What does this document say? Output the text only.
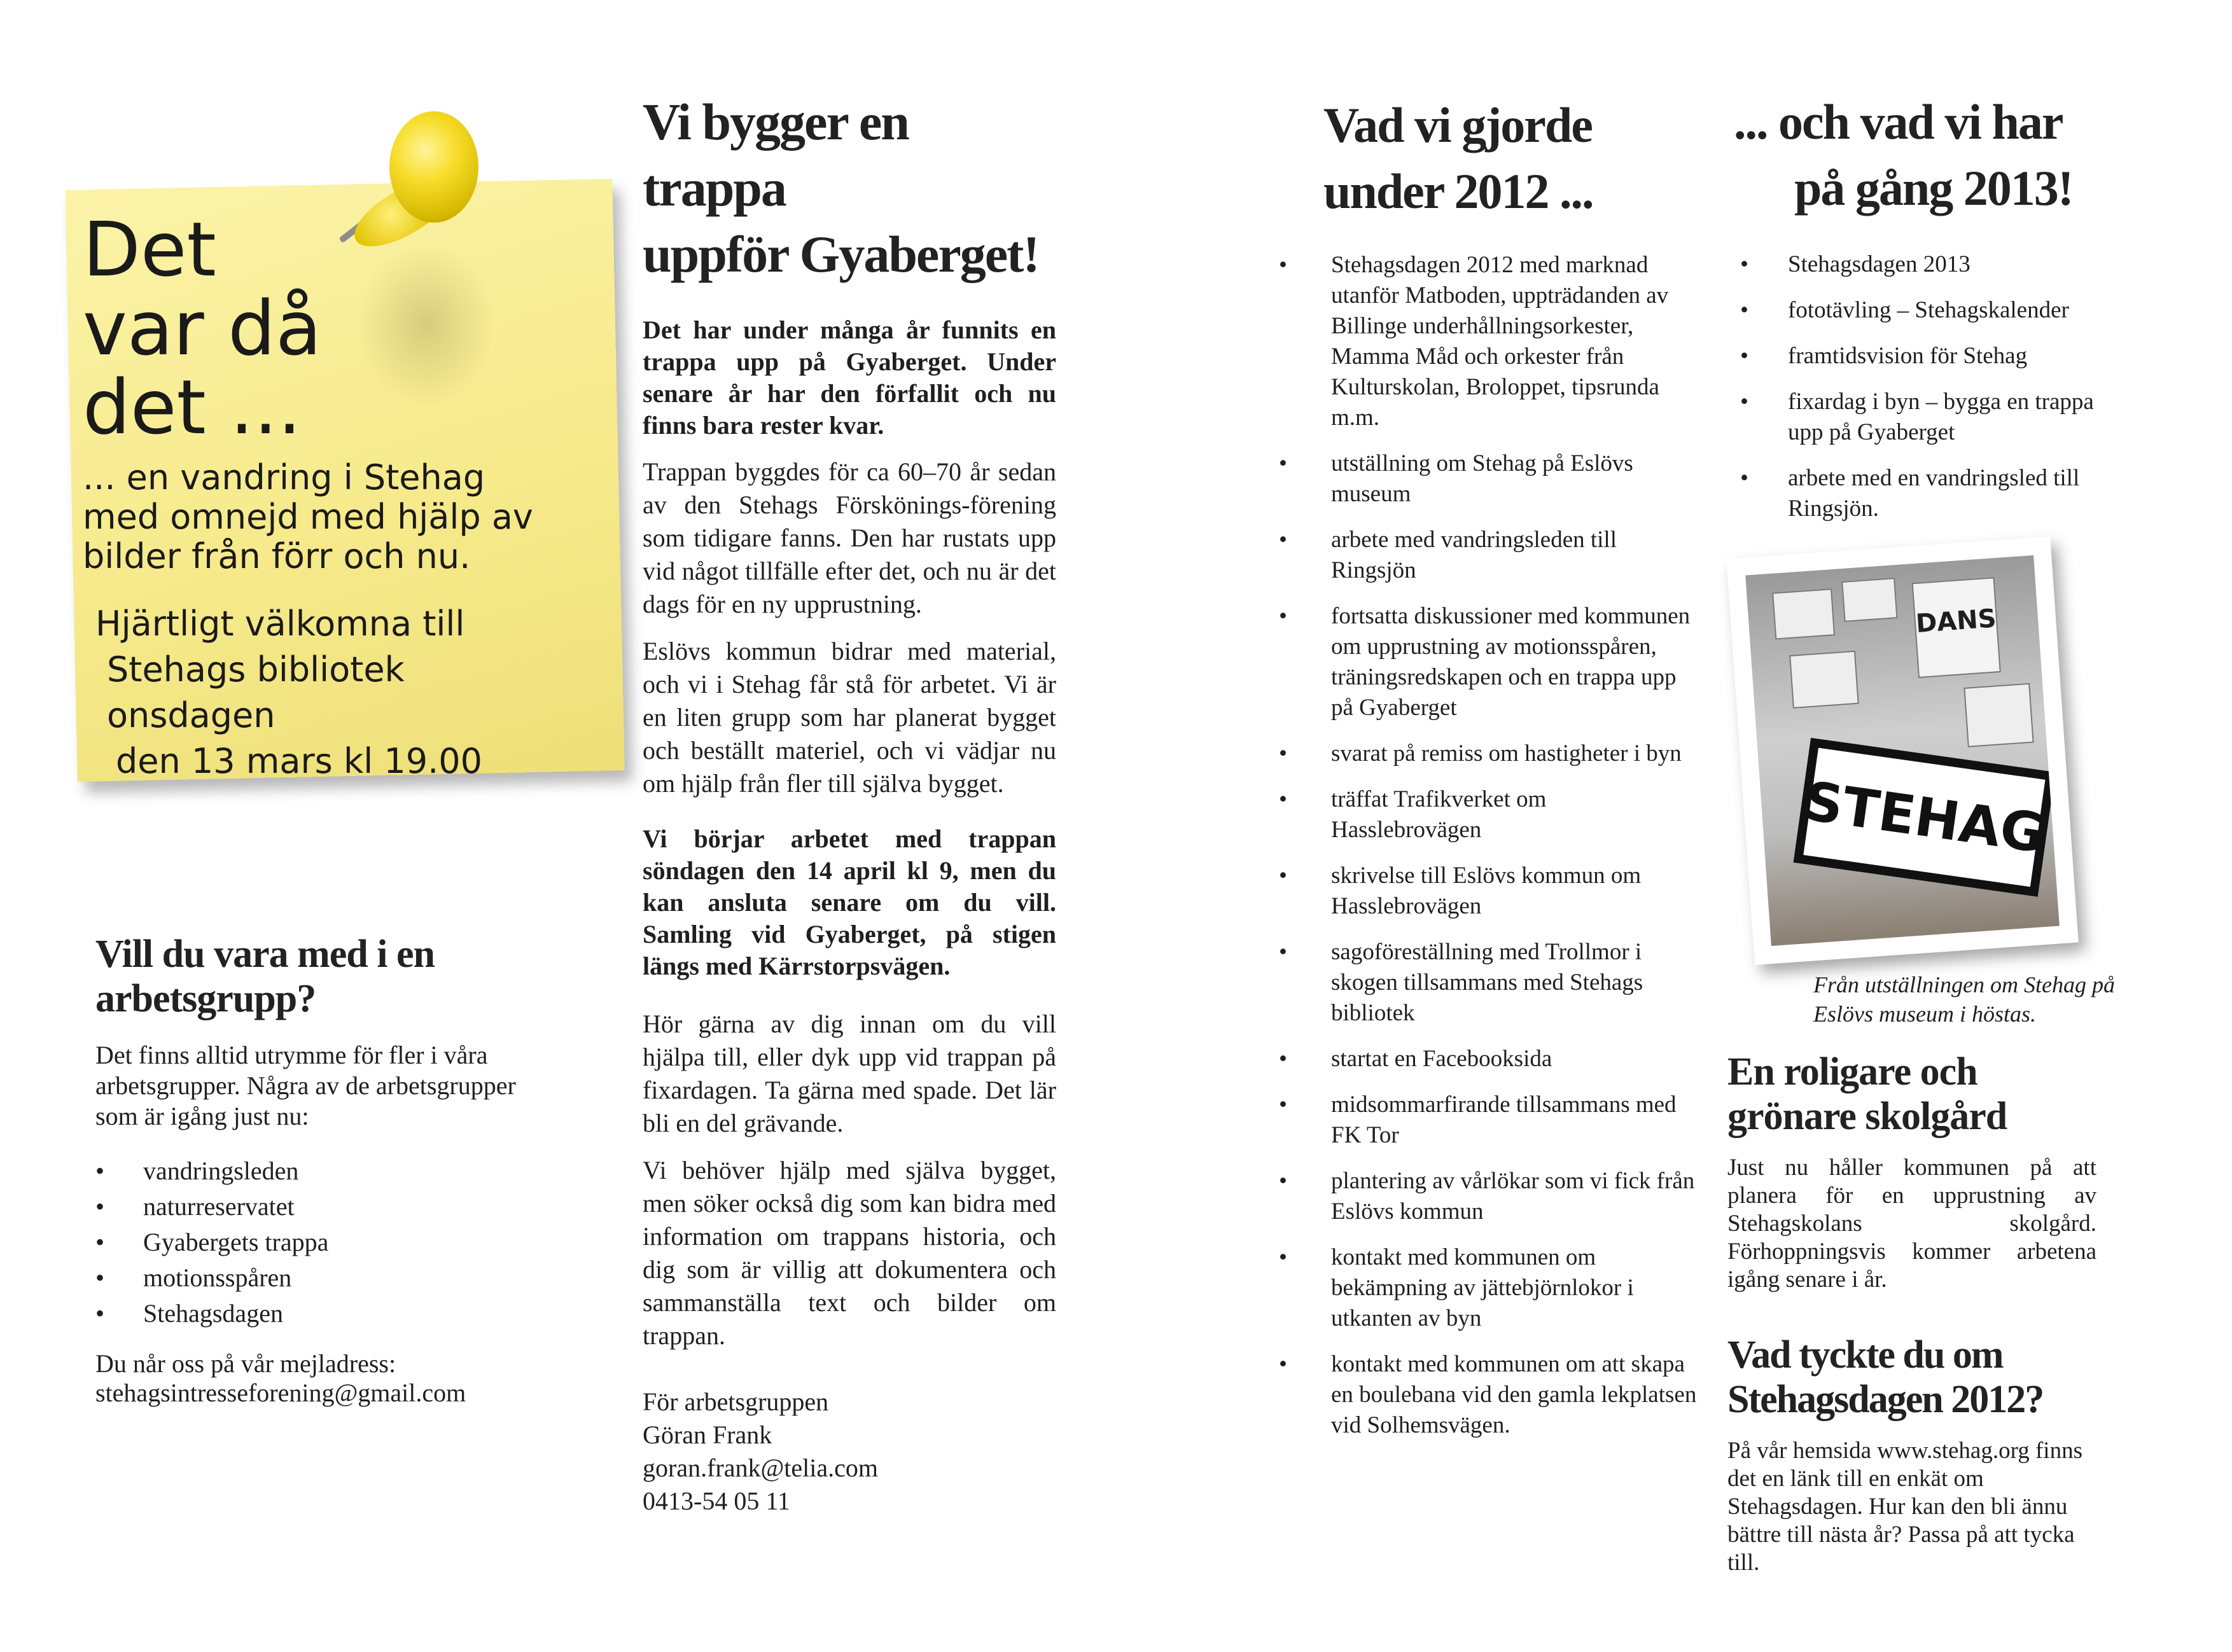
Det
var då
det ...
... en vandring i Stehag med omnejd med hjälp av bilder från förr och nu.
Hjärtligt välkomna till
Stehags bibliotek onsdagen
den 13 mars kl 19.00
Vill du vara med i en arbetsgrupp?

Det finns alltid utrymme för fler i våra arbetsgrupper. Några av de arbetsgrupper som är igång just nu:

• vandringsleden
• naturreservatet
• Gyabergets trappa
• motionsspåren
• Stehagsdagen

Du når oss på vår mejladress:

stehagsintresseforening@gmail.com

Vi bygger en trappa
uppför Gyaberget!

Det har under många år funnits en trappa upp på Gyaberget. Under senare år har den förfallit och nu finns bara rester kvar.

Trappan byggdes för ca 60–70 år sedan av den Stehags Förskönings-förening som tidigare fanns. Den har rustats upp vid något tillfälle efter det, och nu är det dags för en ny upprustning.

Eslövs kommun bidrar med material, och vi i Stehag får stå för arbetet. Vi är en liten grupp som har planerat bygget och beställt materiel, och vi vädjar nu om hjälp från fler till själva bygget.

Vi börjar arbetet med trappan söndagen den 14 april kl 9, men du kan ansluta senare om du vill. Samling vid Gyaberget, på stigen längs med Kärrstorpsvägen.

Hör gärna av dig innan om du vill hjälpa till, eller dyk upp vid trappan på fixardagen. Ta gärna med spade. Det lär bli en del grävande.

Vi behöver hjälp med själva bygget, men söker också dig som kan bidra med information om trappans historia, och dig som är villig att dokumentera och sammanställa text och bilder om trappan.

För arbetsgruppen
Göran Frank
goran.frank@telia.com
0413-54 05 11
Vad vi gjorde
under 2012 ...
• Stehagsdagen 2012 med marknad utanför Matboden, uppträdanden av Billinge underhållningsorkester, Mamma Måd och orkester från Kulturskolan, Broloppet, tipsrunda m.m.
• utställning om Stehag på Eslövs museum
• arbete med vandringsleden till Ringsjön
• fortsatta diskussioner med kommunen om upprustning av motionsspåren, träningsredskapen och en trappa upp på Gyaberget
• svarat på remiss om hastigheter i byn
• träffat Trafikverket om Hasslebrovägen
• skrivelse till Eslövs kommun om Hasslebrovägen
• sagoföreställning med Trollmor i skogen tillsammans med Stehags bibliotek
• startat en Facebooksida
• midsommarfirande tillsammans med FK Tor
• plantering av vårlökar som vi fick från Eslövs kommun
• kontakt med kommunen om bekämpning av jättebjörnlokor i utkanten av byn
• kontakt med kommunen om att skapa en boulebana vid den gamla lekplatsen vid Solhemsvägen.
... och vad vi har
på gång 2013!
• Stehagsdagen 2013
• fototävling – Stehagskalender
• framtidsvision för Stehag
• fixardag i byn – bygga en trappa upp på Gyaberget
• arbete med en vandringsled till Ringsjön.
DANS
STEHAG
Från utställningen om Stehag på Eslövs museum i höstas.
En roligare och grönare skolgård

Just nu håller kommunen på att planera för en upprustning av Stehagskolans skolgård. Förhoppningsvis kommer arbetena igång senare i år.

Vad tyckte du om Stehagsdagen 2012?

På vår hemsida www.stehag.org finns det en länk till en enkät om Stehagsdagen. Hur kan den bli ännu bättre till nästa år? Passa på att tycka till.
